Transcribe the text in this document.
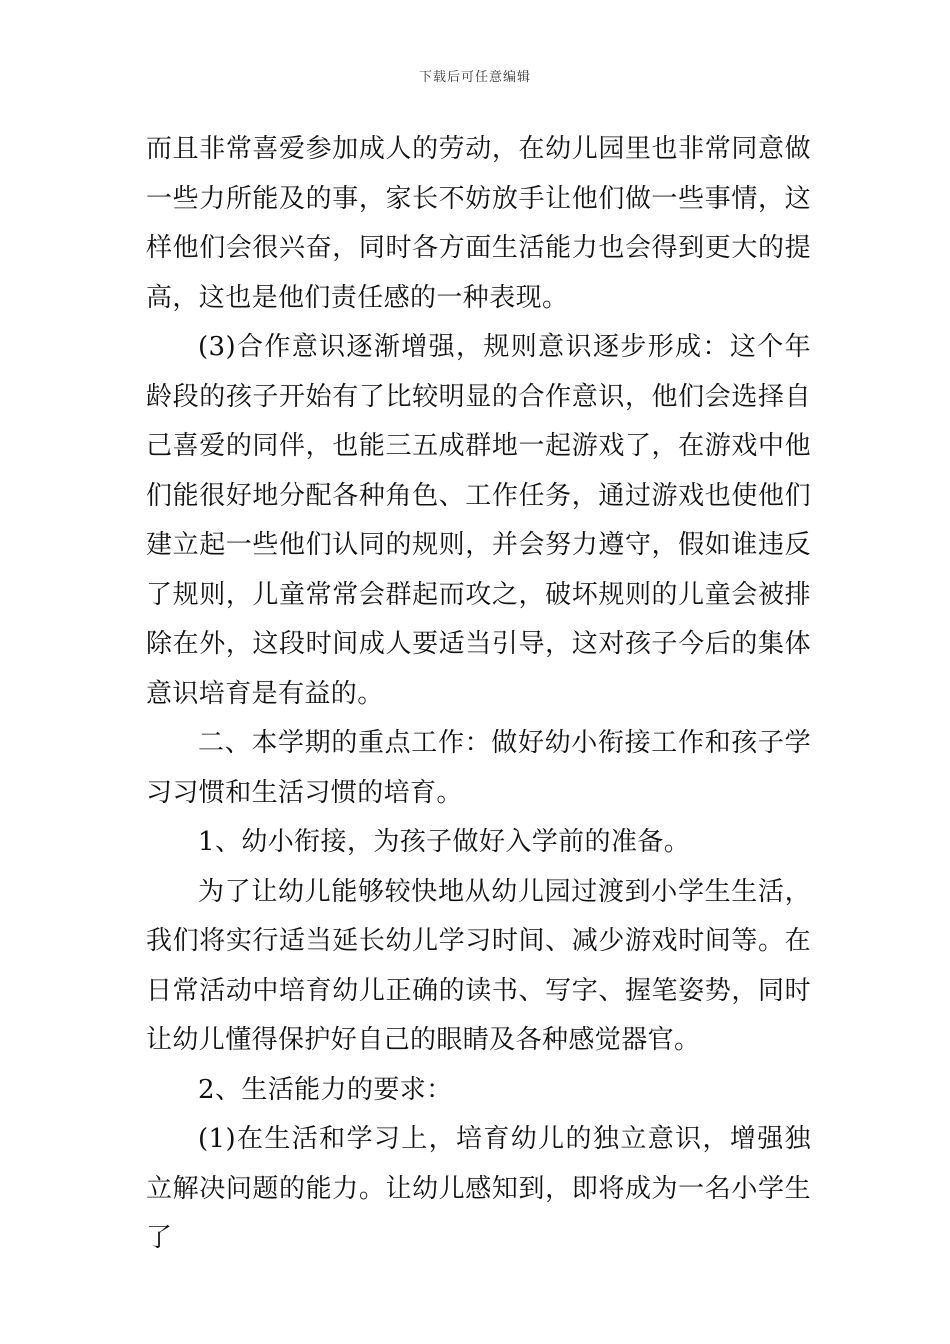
下载后可任意编辑

而且非常喜爱参加成人的劳动，在幼儿园里也非常同意做一些力所能及的事，家长不妨放手让他们做一些事情，这样他们会很兴奋，同时各方面生活能力也会得到更大的提高，这也是他们责任感的一种表现。

(3)合作意识逐渐增强，规则意识逐步形成：这个年龄段的孩子开始有了比较明显的合作意识，他们会选择自己喜爱的同伴，也能三五成群地一起游戏了，在游戏中他们能很好地分配各种角色、工作任务，通过游戏也使他们建立起一些他们认同的规则，并会努力遵守，假如谁违反了规则，儿童常常会群起而攻之，破坏规则的儿童会被排除在外，这段时间成人要适当引导，这对孩子今后的集体意识培育是有益的。

二、本学期的重点工作：做好幼小衔接工作和孩子学习习惯和生活习惯的培育。

1、幼小衔接，为孩子做好入学前的准备。

为了让幼儿能够较快地从幼儿园过渡到小学生生活，我们将实行适当延长幼儿学习时间、减少游戏时间等。在日常活动中培育幼儿正确的读书、写字、握笔姿势，同时让幼儿懂得保护好自己的眼睛及各种感觉器官。

2、生活能力的要求：

(1)在生活和学习上，培育幼儿的独立意识，增强独立解决问题的能力。让幼儿感知到，即将成为一名小学生了
